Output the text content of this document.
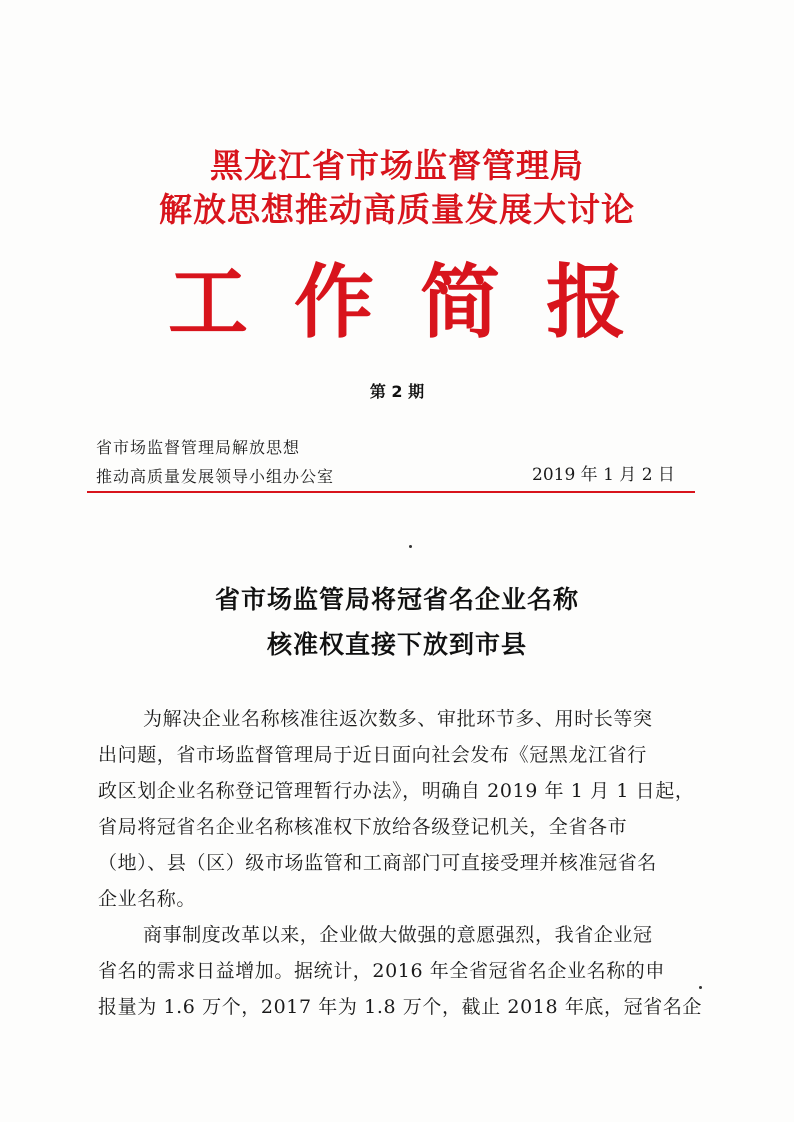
黑龙江省市场监督管理局
解放思想推动高质量发展大讨论
工作简报
第 2 期
省市场监督管理局解放思想
推动高质量发展领导小组办公室	2019 年 1 月 2 日
省市场监管局将冠省名企业名称
核准权直接下放到市县
为解决企业名称核准往返次数多、审批环节多、用时长等突
出问题，省市场监督管理局于近日面向社会发布《冠黑龙江省行
政区划企业名称登记管理暂行办法》，明确自 2019 年 1 月 1 日起，
省局将冠省名企业名称核准权下放给各级登记机关，全省各市
（地）、县（区）级市场监管和工商部门可直接受理并核准冠省名
企业名称。
商事制度改革以来，企业做大做强的意愿强烈，我省企业冠
省名的需求日益增加。据统计，2016 年全省冠省名企业名称的申
报量为 1.6 万个，2017 年为 1.8 万个，截止 2018 年底，冠省名企
